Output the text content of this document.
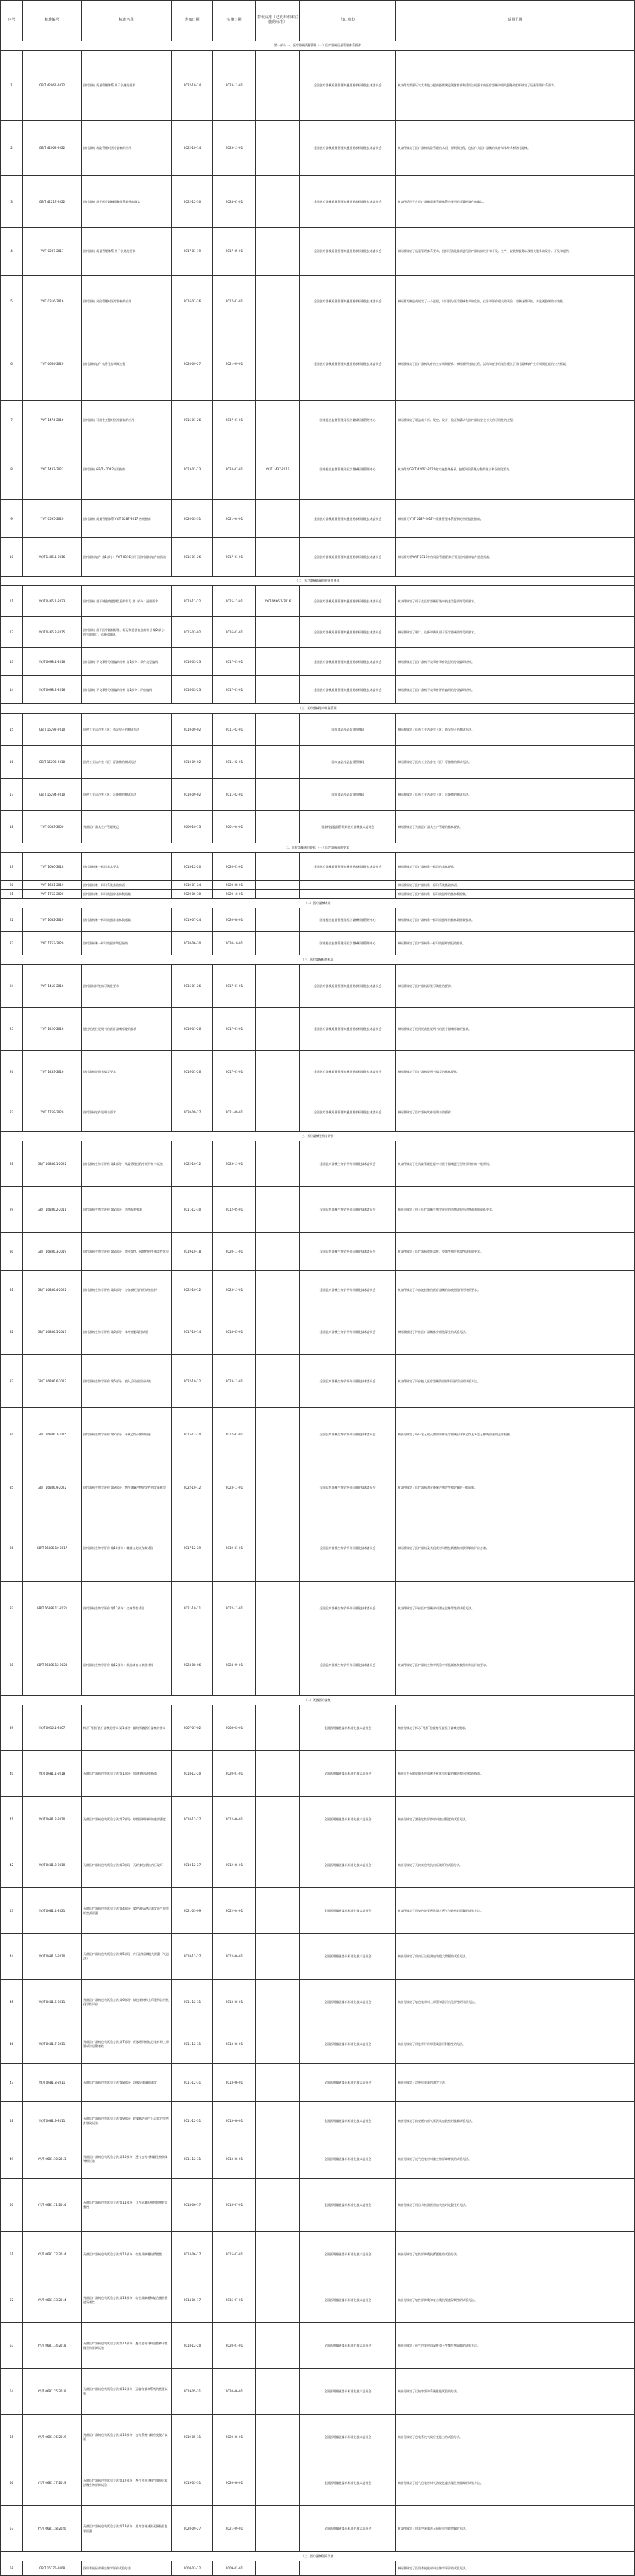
序号	标准编号	标准名称	发布日期	实施日期	替代标准（已发布但未实施的标准）	归口单位	适用范围
第一部分 一、医疗器械质量管理（一）医疗器械质量管理体系要求							
1	GB/T 42061-2022	医疗器械 质量管理体系 用于法规的要求	2022-10-14	2023-11-01		全国医疗器械质量管理和通用要求标准化技术委员会	本文件为需要证实其有能力提供持续满足顾客要求和适用法规要求的医疗器械和相关服务的组织规定了质量管理体系要求。
2	GB/T 42062-2022	医疗器械 风险管理对医疗器械的应用	2022-10-14	2023-11-01		全国医疗器械质量管理和通用要求标准化技术委员会	本文件规定了医疗器械风险管理的术语、原则和过程，包括作为医疗器械的软件和体外诊断医疗器械。
3	GB/T 42217-2022	医疗器械 用于医疗器械质量体系软件的确认	2022-12-30	2024-01-01		全国医疗器械质量管理和通用要求标准化技术委员会	本文件适用于在医疗器械质量管理体系中使用的计算机软件的确认。
4	YY/T 0287-2017	医疗器械 质量管理体系 用于法规的要求	2017-01-19	2017-05-01		全国医疗器械质量管理和通用要求标准化技术委员会	本标准规定了质量管理体系要求，组织可依此要求进行医疗器械的设计和开发、生产、安装和服务以及相关服务的设计、开发和提供。
5	YY/T 0316-2016	医疗器械 风险管理对医疗器械的应用	2016-01-26	2017-01-01		全国医疗器械质量管理和通用要求标准化技术委员会	本标准为制造商规定了一个过程，以识别与医疗器械有关的危险，估计和评价相关的风险，控制这些风险，并监视控制的有效性。
6	YY/T 0664-2020	医疗器械软件 软件生存周期过程	2020-09-27	2021-09-01		全国医疗器械质量管理和通用要求标准化技术委员会	本标准规定了医疗器械软件的生存周期要求。本标准所述的过程、活动和任务的集合建立了医疗器械软件生存周期过程的公共框架。
7	YY/T 1474-2016	医疗器械 可用性工程对医疗器械的应用	2016-01-26	2017-01-01		国家药品监督管理局医疗器械标准管理中心	本标准规定了制造商分析、规定、设计、验证和确认与医疗器械安全有关的可用性的过程。
8	YY/T 1437-2023	医疗器械 GB/T 42062应用指南	2023-01-13	2024-07-01	YY/T 1437-2016	国家药品监督管理局医疗器械标准管理中心	本文件为GB/T 42062-2022的实施提供指导，包括风险管理过程的建立和各阶段活动。
9	YY/T 0595-2020	医疗器械 质量管理体系 YY/T 0287-2017 应用指南	2020-03-31	2021-04-01		全国医疗器械质量管理和通用要求标准化技术委员会	本标准为YY/T 0287-2017中质量管理体系要求的应用提供指南。
10	YY/T 1406.1-2016	医疗器械软件 第1部分：YY/T 0316应用于医疗器械软件的指南	2016-01-26	2017-01-01		全国医疗器械质量管理和通用要求标准化技术委员会	本标准为将YY/T 0316中的风险管理要求应用于医疗器械软件提供指南。
（二）医疗器械质量管理通用要求							
11	YY/T 0466.1-2023	医疗器械 用于制造商提供信息的符号 第1部分：通用要求	2023-11-22	2025-12-01	YY/T 0466.1-2016	全国医疗器械质量管理和通用要求标准化技术委员会	本文件规定了用于在医疗器械标签中表达信息的符号的要求。
12	YY/T 0466.2-2015	医疗器械 用于医疗器械标签、标记和提供信息的符号 第2部分：符号的制订、选择和确认	2015-03-02	2016-01-01		全国医疗器械质量管理和通用要求标准化技术委员会	本标准规定了制订、选择和确认用于医疗器械的符号的要求。
13	YY/T 0698.1-2016	医疗器械 不良事件分级编码结构 第1部分：事件类型编码	2016-03-23	2017-01-01		全国医疗器械质量管理和通用要求标准化技术委员会	本标准规定了医疗器械不良事件事件类型的分级编码结构。
14	YY/T 0698.2-2016	医疗器械 不良事件分级编码结构 第2部分：评价编码	2016-03-23	2017-01-01		全国医疗器械质量管理和通用要求标准化技术委员会	本标准规定了医疗器械不良事件评价编码的分级编码结构。
（三）医疗器械生产质量管理							
15	GB/T 16292-2010	医药工业洁净室（区）悬浮粒子的测试方法	2010-09-02	2011-02-01		国家食品药品监督管理局	本标准规定了医药工业洁净室（区）悬浮粒子的测试方法。
16	GB/T 16293-2010	医药工业洁净室（区）浮游菌的测试方法	2010-09-02	2011-02-01		国家食品药品监督管理局	本标准规定了医药工业洁净室（区）浮游菌的测试方法。
17	GB/T 16294-2010	医药工业洁净室（区）沉降菌的测试方法	2010-09-02	2011-02-01		国家食品药品监督管理局	本标准规定了医药工业洁净室（区）沉降菌的测试方法。
18	YY/T 0033-2000	无菌医疗器具生产管理规范	2000-10-13	2001-04-01		国家药品监督管理局医疗器械技术委员会	本标准规定了无菌医疗器具生产管理的基本要求。
二、医疗器械通用要求 （一）医疗器械通用要求							
19	YY/T 1630-2018	医疗器械唯一标识基本要求	2018-12-20	2020-01-01		全国医疗器械质量管理和通用要求标准化技术委员会	本标准规定了医疗器械唯一标识的基本要求。
20	YY/T 1681-2019	医疗器械唯一标识系统基础术语	2019-07-24	2020-08-01			本标准界定了医疗器械唯一标识系统基础术语。
21	YY/T 1752-2020	医疗器械唯一标识数据库基本数据集	2020-06-30	2020-10-01			本标准规定了医疗器械唯一标识数据库的基本数据集。
（二）医疗器械术语							
22	YY/T 1682-2019	医疗器械唯一标识数据库基本数据集	2019-07-24	2020-08-01		国家药品监督管理局医疗器械标准管理中心	本标准规定了医疗器械唯一标识数据库的基本数据集要求。
23	YY/T 1753-2020	医疗器械唯一标识数据库填报指南	2020-06-30	2020-10-01		国家药品监督管理局医疗器械标准管理中心	本标准规定了医疗器械唯一标识数据库填报的要求。
（三）医疗器械标签标识							
24	YY/T 1418-2016	医疗器械标签的可读性要求	2016-01-26	2017-01-01		全国医疗器械质量管理和通用要求标准化技术委员会	本标准规定了医疗器械标签可读性的要求。
25	YY/T 1420-2016	通过规范性说明书的医疗器械标签的要求	2016-01-26	2017-01-01		全国医疗器械质量管理和通用要求标准化技术委员会	本标准规定了使用规范性说明书的医疗器械标签的要求。
26	YY/T 1433-2016	医疗器械说明书编写要求	2016-01-26	2017-01-01		全国医疗器械质量管理和通用要求标准化技术委员会	本标准规定了医疗器械说明书编写的基本要求。
27	YY/T 1759-2020	医疗器械软件说明书要求	2020-09-27	2021-09-01		全国医疗器械质量管理和通用要求标准化技术委员会	本标准规定了医疗器械软件说明书的要求。
三、医疗器械生物学评价							
28	GB/T 16886.1-2022	医疗器械生物学评价 第1部分：风险管理过程中的评价与试验	2022-10-12	2023-11-01		全国医疗器械生物学评价标准化技术委员会	本文件规定了在风险管理过程中对医疗器械进行生物学评价的一般原则。
29	GB/T 16886.2-2011	医疗器械生物学评价 第2部分：动物福利要求	2011-12-30	2012-05-01		全国医疗器械生物学评价标准化技术委员会	本部分规定了用于医疗器械生物学评价的动物试验中动物福利的最低要求。
30	GB/T 16886.3-2019	医疗器械生物学评价 第3部分：遗传毒性、致癌性和生殖毒性试验	2019-10-18	2020-11-01		全国医疗器械生物学评价标准化技术委员会	本文件规定了医疗器械遗传毒性、致癌性和生殖毒性试验的要求。
31	GB/T 16886.4-2022	医疗器械生物学评价 第4部分：与血液相互作用试验选择	2022-10-12	2023-11-01		全国医疗器械生物学评价标准化技术委员会	本文件规定了与血液接触的医疗器械的血液相互作用评价要求。
32	GB/T 16886.5-2017	医疗器械生物学评价 第5部分：体外细胞毒性试验	2017-10-14	2018-05-01		全国医疗器械生物学评价标准化技术委员会	本标准描述了评价医疗器械体外细胞毒性的试验方法。
33	GB/T 16886.6-2022	医疗器械生物学评价 第6部分：植入后局部反应试验	2022-10-12	2023-11-01		全国医疗器械生物学评价标准化技术委员会	本文件规定了评价植入医疗器械所用材料局部反应的试验方法。
34	GB/T 16886.7-2015	医疗器械生物学评价 第7部分：环氧乙烷灭菌残留量	2015-12-10	2017-01-01		全国医疗器械生物学评价标准化技术委员会	本部分规定了经环氧乙烷灭菌的单件医疗器械上环氧乙烷及2-氯乙醇残留量的允许限量。
35	GB/T 16886.9-2022	医疗器械生物学评价 第9部分：潜在降解产物的定性和定量框架	2022-10-12	2023-11-01		全国医疗器械生物学评价标准化技术委员会	本文件规定了医疗器械潜在降解产物定性和定量的一般原则。
36	GB/T 16886.10-2017	医疗器械生物学评价 第10部分：刺激与皮肤致敏试验	2017-12-29	2019-01-01		全国医疗器械生物学评价标准化技术委员会	本标准规定了医疗器械及其组成材料潜在刺激和皮肤致敏的评价步骤。
37	GB/T 16886.11-2021	医疗器械生物学评价 第11部分：全身毒性试验	2021-10-11	2022-11-01		全国医疗器械生物学评价标准化技术委员会	本文件规定了评价医疗器械材料潜在全身毒性的试验方法。
38	GB/T 16886.12-2023	医疗器械生物学评价 第12部分：样品制备与参照材料	2023-08-06	2024-09-01		全国医疗器械生物学评价标准化技术委员会	本文件规定了医疗器械生物学试验中样品制备和参照材料选择的要求。
（二）无菌医疗器械							
39	YY/T 0615.1-2007	标示"无菌"医疗器械的要求 第1部分：最终灭菌医疗器械的要求	2007-07-02	2008-03-01		全国医用输液器具标准化技术委员会	本部分规定了标示"无菌"的最终灭菌医疗器械的要求。
40	YY/T 0681.1-2018	无菌医疗器械包装试验方法 第1部分：加速老化试验指南	2018-12-20	2020-01-01		全国医用输液器具标准化技术委员会	本部分为无菌屏障系统加速老化试验方案的制定和应用提供指南。
41	YY/T 0681.2-2010	无菌医疗器械包装试验方法 第2部分：软性屏障材料的密封强度	2010-12-27	2012-06-01		全国医用输液器具标准化技术委员会	本部分规定了测量软性屏障材料密封强度的试验方法。
42	YY/T 0681.3-2010	无菌医疗器械包装试验方法 第3部分：无约束包装抗内压破坏	2010-12-27	2012-06-01		全国医用输液器具标准化技术委员会	本部分规定了无约束包装抗内压破坏的试验方法。
43	YY/T 0681.4-2021	无菌医疗器械包装试验方法 第4部分：染色液穿透法测定透气包装的密封泄漏	2021-03-09	2022-04-01		全国医用输液器具标准化技术委员会	本文件规定了用染色液穿透法测定透气包装密封泄漏的试验方法。
44	YY/T 0681.5-2010	无菌医疗器械包装试验方法 第5部分：内压法检测粗大泄漏（气泡法）	2010-12-27	2012-06-01		全国医用输液器具标准化技术委员会	本部分规定了用内压法检测包装粗大泄漏的试验方法。
45	YY/T 0681.6-2011	无菌医疗器械包装试验方法 第6部分：软包装材料上印墨和涂层抗化学性评价	2011-12-31	2013-06-01		全国医用输液器具标准化技术委员会	本部分规定了软包装材料上印墨和涂层抗化学性的评价方法。
46	YY/T 0681.7-2011	无菌医疗器械包装试验方法 第7部分：用胶带评价软包装材料上印墨或涂层附着性	2011-12-31	2013-06-01		全国医用输液器具标准化技术委员会	本部分规定了用胶带评价印墨或涂层附着性的方法。
47	YY/T 0681.8-2011	无菌医疗器械包装试验方法 第8部分：涂胶层重量的测定	2011-12-31	2013-06-01		全国医用输液器具标准化技术委员会	本部分规定了涂胶层重量的测定方法。
48	YY/T 0681.9-2011	无菌医疗器械包装试验方法 第9部分：约束板内部气压法软包装密封胀破试验	2011-12-31	2013-06-01		全国医用输液器具标准化技术委员会	本部分规定了约束板内部气压法软包装密封胀破试验方法。
49	YY/T 0681.10-2011	无菌医疗器械包装试验方法 第10部分：透气包装材料微生物屏障等级试验	2011-12-31	2013-06-01		全国医用输液器具标准化技术委员会	本部分规定了透气包装材料微生物屏障等级的试验方法。
50	YY/T 0681.11-2014	无菌医疗器械包装试验方法 第11部分：目力检测医用包装密封完整性	2014-06-17	2015-07-01		全国医用输液器具标准化技术委员会	本部分规定了用目力检测医用包装密封完整性的方法。
51	YY/T 0681.12-2014	无菌医疗器械包装试验方法 第12部分：软性屏障膜抗揉搓性	2014-06-17	2015-07-01		全国医用输液器具标准化技术委员会	本部分规定了软性屏障膜抗揉搓性的试验方法。
52	YY/T 0681.13-2014	无菌医疗器械包装试验方法 第13部分：软性屏障膜和复合膜抗慢速穿刺性	2014-06-17	2015-07-01		全国医用输液器具标准化技术委员会	本部分规定了软性屏障膜和复合膜抗慢速穿刺性的试验方法。
53	YY/T 0681.14-2018	无菌医疗器械包装试验方法 第14部分：透气包装材料湿性和干性微生物屏障试验	2018-12-20	2020-01-01		全国医用输液器具标准化技术委员会	本部分规定了透气包装材料湿性和干性微生物屏障的试验方法。
54	YY/T 0681.15-2019	无菌医疗器械包装试验方法 第15部分：运输容器和系统的性能试验	2019-05-31	2020-06-01		全国医用输液器具标准化技术委员会	本部分规定了运输容器和系统性能试验的方法。
55	YY/T 0681.16-2019	无菌医疗器械包装试验方法 第16部分：包装系统气候应变能力试验	2019-05-31	2020-06-01		全国医用输液器具标准化技术委员会	本部分规定了包装系统气候应变能力的试验方法。
56	YY/T 0681.17-2019	无菌医疗器械包装试验方法 第17部分：透气包装材料气溶胶过滤法微生物屏障试验	2019-05-31	2020-06-01		全国医用输液器具标准化技术委员会	本部分规定了透气包装材料气溶胶过滤法微生物屏障的试验方法。
57	YY/T 0681.18-2020	无菌医疗器械包装试验方法 第18部分：用真空衰减法无损检验包装泄漏	2020-09-27	2021-09-01		全国医用输液器具标准化技术委员会	本文件规定了用真空衰减法无损检验包装泄漏的方法。
（三）医疗器械消毒灭菌							
58	GB/T 16175-2008	医用有机硅材料生物学评价试验方法	2008-03-12	2009-01-01			本标准规定了医用有机硅材料生物学评价的试验方法。
